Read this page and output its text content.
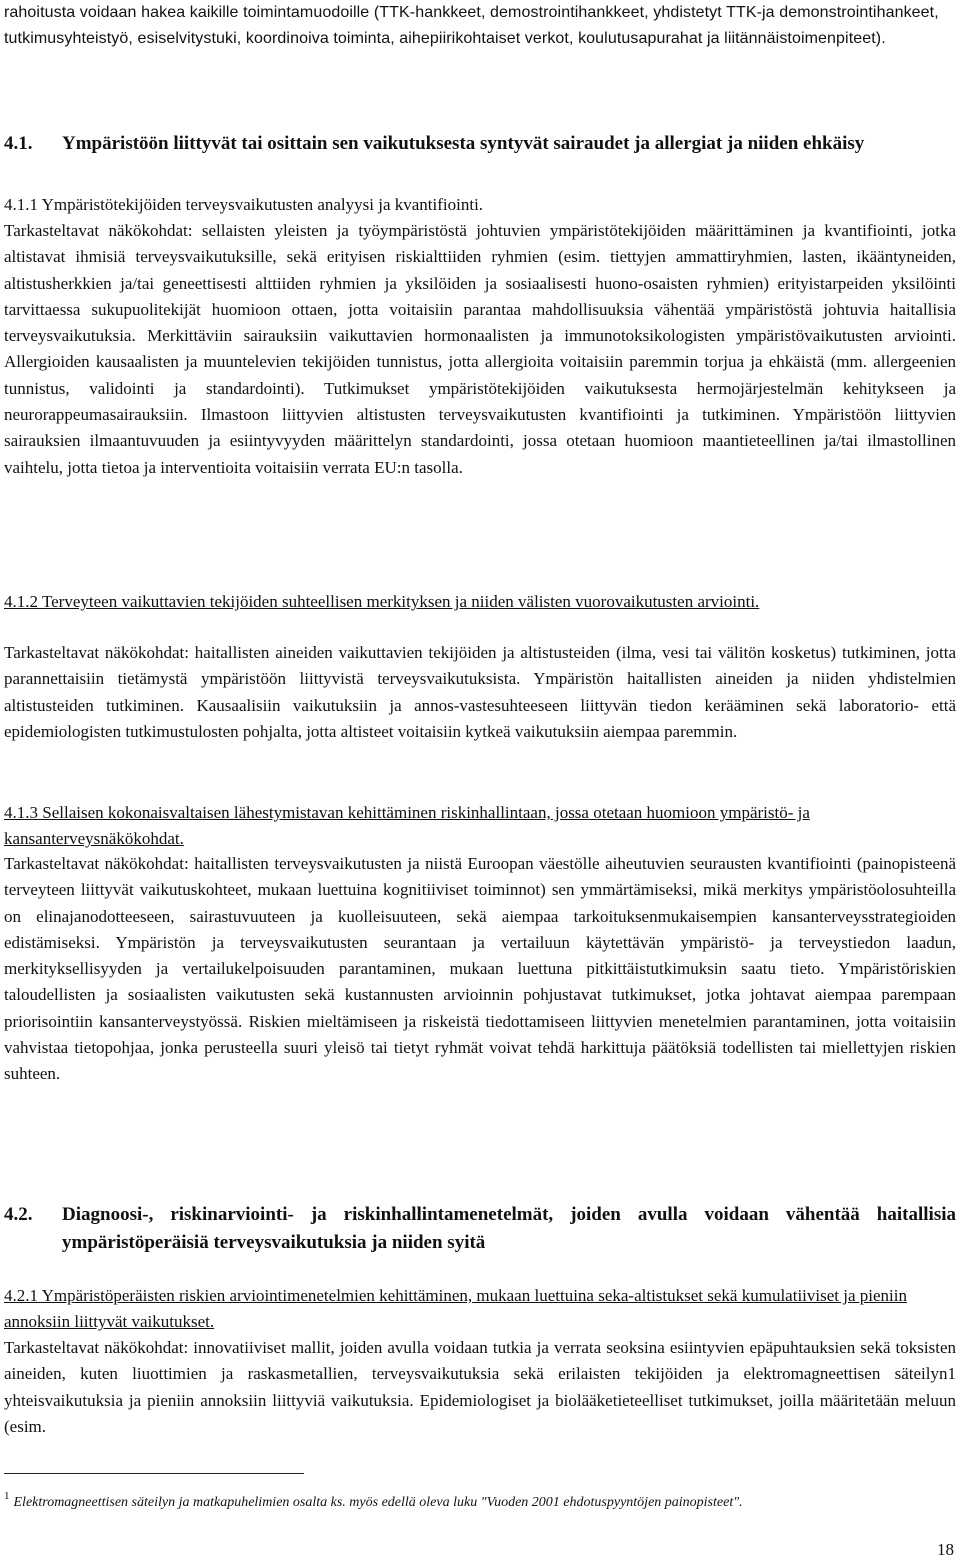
rahoitusta voidaan hakea kaikille toimintamuodoille (TTK-hankkeet, demostrointihankkeet, yhdistetyt TTK-ja demonstrointihankeet, tutkimusyhteistyö, esiselvitystuki, koordinoiva toiminta, aihepiirikohtaiset verkot, koulutusapurahat ja liitännäistoimenpiteet).
4.1. Ympäristöön liittyvät tai osittain sen vaikutuksesta syntyvät sairaudet ja allergiat ja niiden ehkäisy
4.1.1 Ympäristötekijöiden terveysvaikutusten analyysi ja kvantifiointi.
Tarkasteltavat näkökohdat: sellaisten yleisten ja työympäristöstä johtuvien ympäristötekijöiden määrittäminen ja kvantifiointi, jotka altistavat ihmisiä terveysvaikutuksille, sekä erityisen riskialttiiden ryhmien (esim. tiettyjen ammattiryhmien, lasten, ikääntyneiden, altistusherkkien ja/tai geneettisesti alttiiden ryhmien ja yksilöiden ja sosiaalisesti huono-osaisten ryhmien) erityistarpeiden yksilöinti tarvittaessa sukupuolitekijät huomioon ottaen, jotta voitaisiin parantaa mahdollisuuksia vähentää ympäristöstä johtuvia haitallisia terveysvaikutuksia. Merkittäviin sairauksiin vaikuttavien hormonaalisten ja immunotoksikologisten ympäristövaikutusten arviointi. Allergioiden kausaalisten ja muuntelevien tekijöiden tunnistus, jotta allergioita voitaisiin paremmin torjua ja ehkäistä (mm. allergeenien tunnistus, validointi ja standardointi). Tutkimukset ympäristötekijöiden vaikutuksesta hermojärjestelmän kehitykseen ja neurorappeumasairauksiin. Ilmastoon liittyvien altistusten terveysvaikutusten kvantifiointi ja tutkiminen. Ympäristöön liittyvien sairauksien ilmaantuvuuden ja esiintyvyyden määrittelyn standardointi, jossa otetaan huomioon maantieteellinen ja/tai ilmastollinen vaihtelu, jotta tietoa ja interventioita voitaisiin verrata EU:n tasolla.
4.1.2 Terveyteen vaikuttavien tekijöiden suhteellisen merkityksen ja niiden välisten vuorovaikutusten arviointi.
Tarkasteltavat näkökohdat: haitallisten aineiden vaikuttavien tekijöiden ja altistusteiden (ilma, vesi tai välitön kosketus) tutkiminen, jotta parannettaisiin tietämystä ympäristöön liittyvistä terveysvaikutuksista. Ympäristön haitallisten aineiden ja niiden yhdistelmien altistusteiden tutkiminen. Kausaalisiin vaikutuksiin ja annos-vastesuhteeseen liittyvän tiedon kerääminen sekä laboratorio- että epidemiologisten tutkimustulosten pohjalta, jotta altisteet voitaisiin kytkeä vaikutuksiin aiempaa paremmin.
4.1.3 Sellaisen kokonaisvaltaisen lähestymistavan kehittäminen riskinhallintaan, jossa otetaan huomioon ympäristö- ja kansanterveysnäkökohdat.
Tarkasteltavat näkökohdat: haitallisten terveysvaikutusten ja niistä Euroopan väestölle aiheutuvien seurausten kvantifiointi (painopisteenä terveyteen liittyvät vaikutuskohteet, mukaan luettuina kognitiiviset toiminnot) sen ymmärtämiseksi, mikä merkitys ympäristöolosuhteilla on elinajanodotteeseen, sairastuvuuteen ja kuolleisuuteen, sekä aiempaa tarkoituksenmukaisempien kansanterveysstrategioiden edistämiseksi. Ympäristön ja terveysvaikutusten seurantaan ja vertailuun käytettävän ympäristö- ja terveystiedon laadun, merkityksellisyyden ja vertailukelpoisuuden parantaminen, mukaan luettuna pitkittäistutkimuksin saatu tieto. Ympäristöriskien taloudellisten ja sosiaalisten vaikutusten sekä kustannusten arvioinnin pohjustavat tutkimukset, jotka johtavat aiempaa parempaan priorisointiin kansanterveystyössä. Riskien mieltämiseen ja riskeistä tiedottamiseen liittyvien menetelmien parantaminen, jotta voitaisiin vahvistaa tietopohjaa, jonka perusteella suuri yleisö tai tietyt ryhmät voivat tehdä harkittuja päätöksiä todellisten tai miellettyjen riskien suhteen.
4.2. Diagnoosi-, riskinarviointi- ja riskinhallintamenetelmät, joiden avulla voidaan vähentää haitallisia ympäristöperäisiä terveysvaikutuksia ja niiden syitä
4.2.1 Ympäristöperäisten riskien arviointimenetelmien kehittäminen, mukaan luettuina seka-altistukset sekä kumulatiiviset ja pieniin annoksiin liittyvät vaikutukset.
Tarkasteltavat näkökohdat: innovatiiviset mallit, joiden avulla voidaan tutkia ja verrata seoksina esiintyvien epäpuhtauksien sekä toksisten aineiden, kuten liuottimien ja raskasmetallien, terveysvaikutuksia sekä erilaisten tekijöiden ja elektromagneettisen säteilyn1 yhteisvaikutuksia ja pieniin annoksiin liittyviä vaikutuksia. Epidemiologiset ja biolääketieteelliset tutkimukset, joilla määritetään meluun (esim.
$^1$ Elektromagneettisen säteilyn ja matkapuhelimien osalta ks. myös edellä oleva luku "Vuoden 2001 ehdotuspyyntöjen painopisteet".
18
